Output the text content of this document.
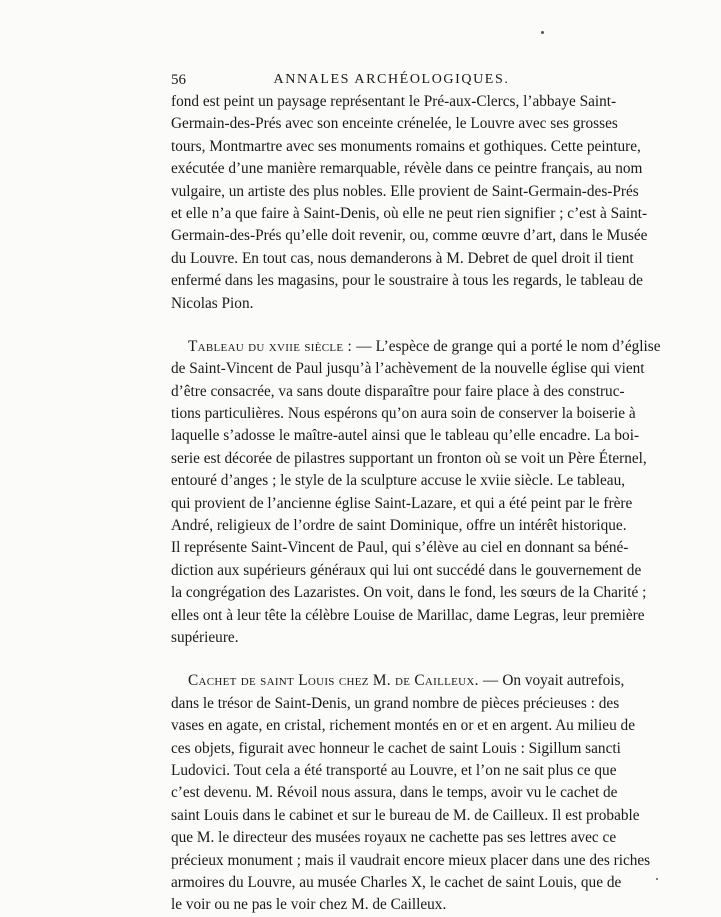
56	ANNALES ARCHÉOLOGIQUES.
fond est peint un paysage représentant le Pré-aux-Clercs, l’abbaye Saint-
Germain-des-Prés avec son enceinte crénelée, le Louvre avec ses grosses
tours, Montmartre avec ses monuments romains et gothiques. Cette peinture,
exécutée d’une manière remarquable, révèle dans ce peintre français, au nom
vulgaire, un artiste des plus nobles. Elle provient de Saint-Germain-des-Prés
et elle n’a que faire à Saint-Denis, où elle ne peut rien signifier ; c’est à Saint-
Germain-des-Prés qu’elle doit revenir, ou, comme œuvre d’art, dans le Musée
du Louvre. En tout cas, nous demanderons à M. Debret de quel droit il tient
enfermé dans les magasins, pour le soustraire à tous les regards, le tableau de
Nicolas Pion.
Tableau du xviie siècle : — L’espèce de grange qui a porté le nom d’église
de Saint-Vincent de Paul jusqu’à l’achèvement de la nouvelle église qui vient
d’être consacrée, va sans doute disparaître pour faire place à des construc-
tions particulières. Nous espérons qu’on aura soin de conserver la boiserie à
laquelle s’adosse le maître-autel ainsi que le tableau qu’elle encadre. La boi-
serie est décorée de pilastres supportant un fronton où se voit un Père Éternel,
entouré d’anges ; le style de la sculpture accuse le xviie siècle. Le tableau,
qui provient de l’ancienne église Saint-Lazare, et qui a été peint par le frère
André, religieux de l’ordre de saint Dominique, offre un intérêt historique.
Il représente Saint-Vincent de Paul, qui s’élève au ciel en donnant sa béné-
diction aux supérieurs généraux qui lui ont succédé dans le gouvernement de
la congrégation des Lazaristes. On voit, dans le fond, les sœurs de la Charité ;
elles ont à leur tête la célèbre Louise de Marillac, dame Legras, leur première
supérieure.
Cachet de saint Louis chez M. de Cailleux. — On voyait autrefois,
dans le trésor de Saint-Denis, un grand nombre de pièces précieuses : des
vases en agate, en cristal, richement montés en or et en argent. Au milieu de
ces objets, figurait avec honneur le cachet de saint Louis : Sigillum sancti
Ludovici. Tout cela a été transporté au Louvre, et l’on ne sait plus ce que
c’est devenu. M. Révoil nous assura, dans le temps, avoir vu le cachet de
saint Louis dans le cabinet et sur le bureau de M. de Cailleux. Il est probable
que M. le directeur des musées royaux ne cachette pas ses lettres avec ce
précieux monument ; mais il vaudrait encore mieux placer dans une des riches
armoires du Louvre, au musée Charles X, le cachet de saint Louis, que de
le voir ou ne pas le voir chez M. de Cailleux.
